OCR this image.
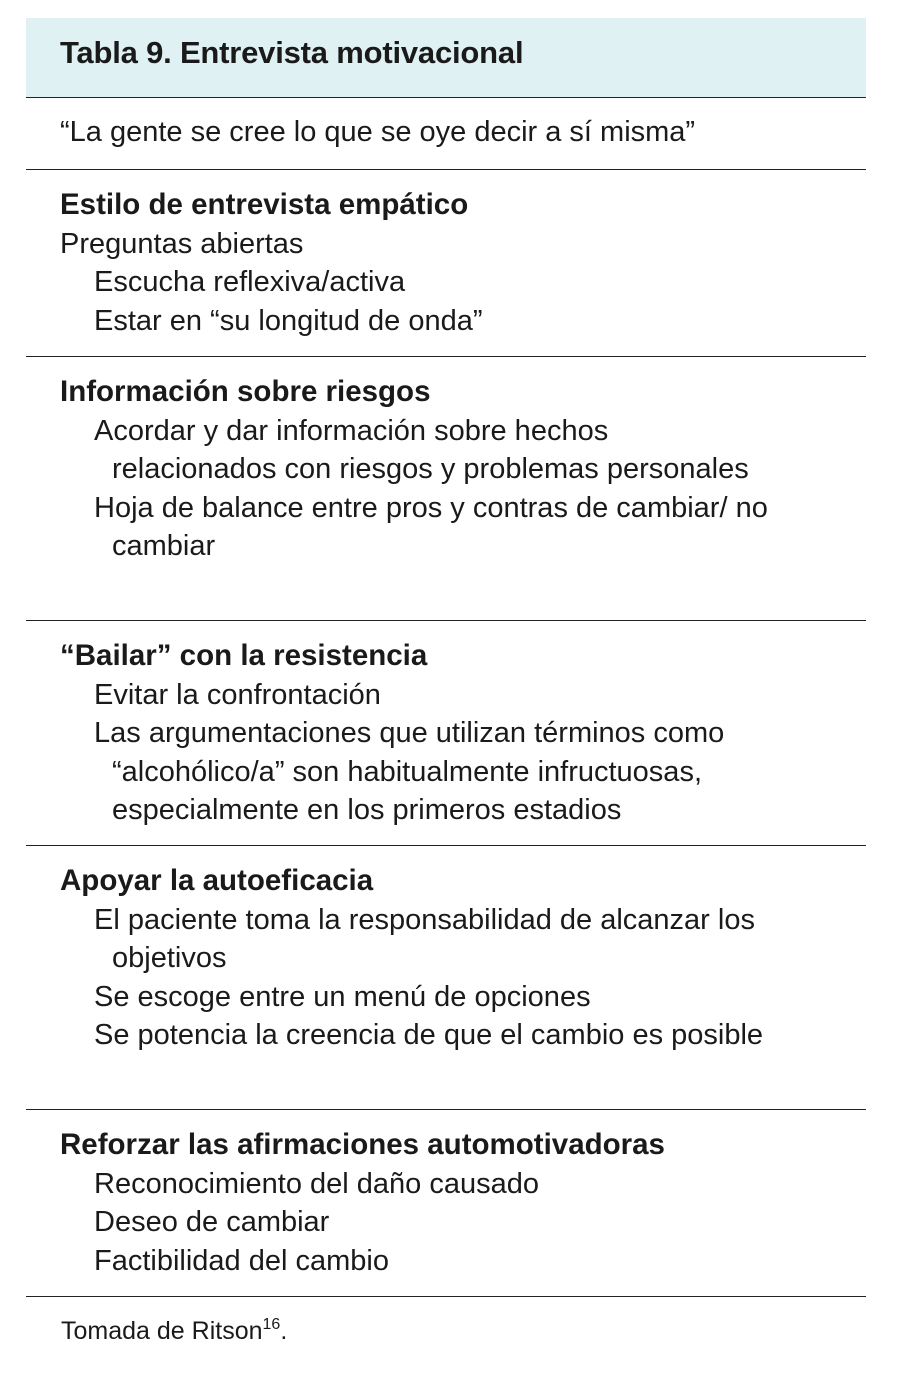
Tabla 9. Entrevista motivacional
“La gente se cree lo que se oye decir a sí misma”
Estilo de entrevista empático
Preguntas abiertas
Escucha reflexiva/activa
Estar en “su longitud de onda”
Información sobre riesgos
Acordar y dar información sobre hechos relacionados con riesgos y problemas personales
Hoja de balance entre pros y contras de cambiar/ no cambiar
“Bailar” con la resistencia
Evitar la confrontación
Las argumentaciones que utilizan términos como “alcohólico/a” son habitualmente infructuosas, especialmente en los primeros estadios
Apoyar la autoeficacia
El paciente toma la responsabilidad de alcanzar los objetivos
Se escoge entre un menú de opciones
Se potencia la creencia de que el cambio es posible
Reforzar las afirmaciones automotivadoras
Reconocimiento del daño causado
Deseo de cambiar
Factibilidad del cambio
Tomada de Ritson$^{16}$.
